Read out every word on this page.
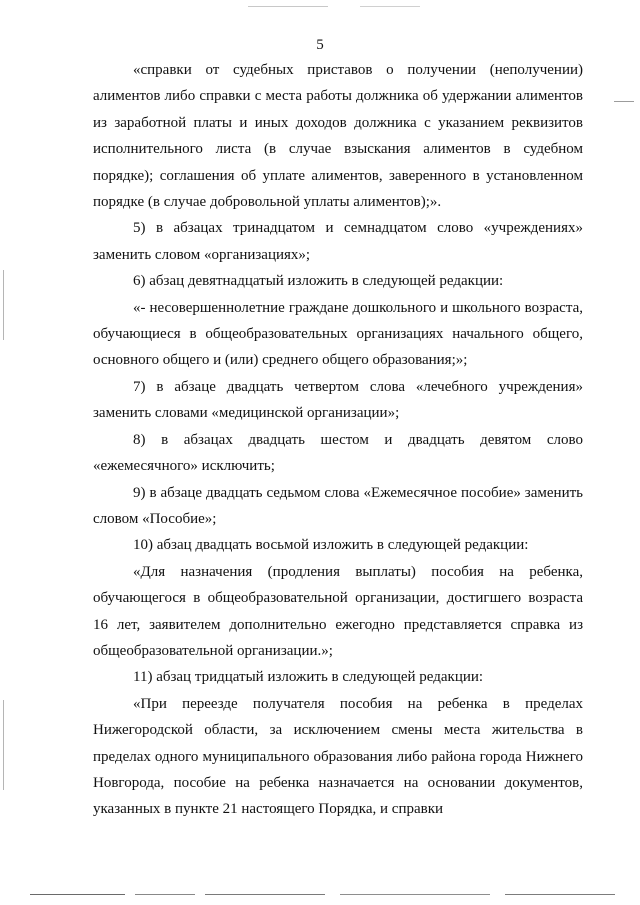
5

«справки от судебных приставов о получении (неполучении) алиментов либо справки с места работы должника об удержании алиментов из заработной платы и иных доходов должника с указанием реквизитов исполнительного листа (в случае взыскания алиментов в судебном порядке); соглашения об уплате алиментов, заверенного в установленном порядке (в случае добровольной уплаты алиментов);».

5) в абзацах тринадцатом и семнадцатом слово «учреждениях» заменить словом «организациях»;

6) абзац девятнадцатый изложить в следующей редакции:

«- несовершеннолетние граждане дошкольного и школьного возраста, обучающиеся в общеобразовательных организациях начального общего, основного общего и (или) среднего общего образования;»;

7) в абзаце двадцать четвертом слова «лечебного учреждения» заменить словами «медицинской организации»;

8) в абзацах двадцать шестом и двадцать девятом слово «ежемесячного» исключить;

9) в абзаце двадцать седьмом слова «Ежемесячное пособие» заменить словом «Пособие»;

10) абзац двадцать восьмой изложить в следующей редакции:

«Для назначения (продления выплаты) пособия на ребенка, обучающегося в общеобразовательной организации, достигшего возраста 16 лет, заявителем дополнительно ежегодно представляется справка из общеобразовательной организации.»;

11) абзац тридцатый изложить в следующей редакции:

«При переезде получателя пособия на ребенка в пределах Нижегородской области, за исключением смены места жительства в пределах одного муниципального образования либо района города Нижнего Новгорода, пособие на ребенка назначается на основании документов, указанных в пункте 21 настоящего Порядка, и справки
